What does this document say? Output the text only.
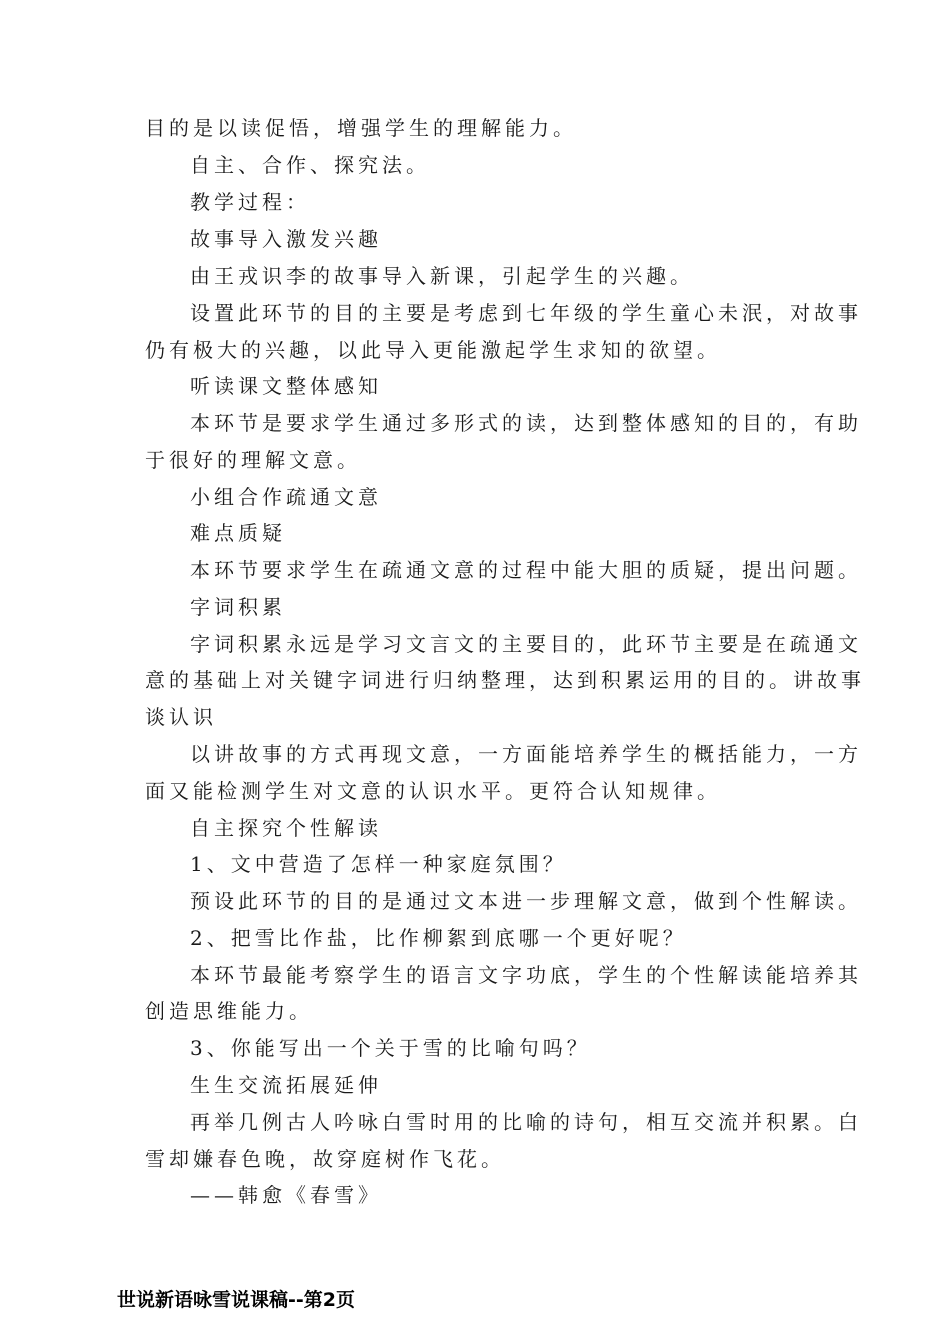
目的是以读促悟，增强学生的理解能力。
自主、合作、探究法。
教学过程：
故事导入激发兴趣
由王戎识李的故事导入新课，引起学生的兴趣。
设置此环节的目的主要是考虑到七年级的学生童心未泯，对故事
仍有极大的兴趣，以此导入更能激起学生求知的欲望。
听读课文整体感知
本环节是要求学生通过多形式的读，达到整体感知的目的，有助
于很好的理解文意。
小组合作疏通文意
难点质疑
本环节要求学生在疏通文意的过程中能大胆的质疑，提出问题。
字词积累
字词积累永远是学习文言文的主要目的，此环节主要是在疏通文
意的基础上对关键字词进行归纳整理，达到积累运用的目的。讲故事
谈认识
以讲故事的方式再现文意，一方面能培养学生的概括能力，一方
面又能检测学生对文意的认识水平。更符合认知规律。
自主探究个性解读
1、文中营造了怎样一种家庭氛围？
预设此环节的目的是通过文本进一步理解文意，做到个性解读。
2、把雪比作盐，比作柳絮到底哪一个更好呢？
本环节最能考察学生的语言文字功底，学生的个性解读能培养其
创造思维能力。
3、你能写出一个关于雪的比喻句吗？
生生交流拓展延伸
再举几例古人吟咏白雪时用的比喻的诗句，相互交流并积累。白
雪却嫌春色晚，故穿庭树作飞花。
——韩愈《春雪》
世说新语咏雪说课稿--第2页
